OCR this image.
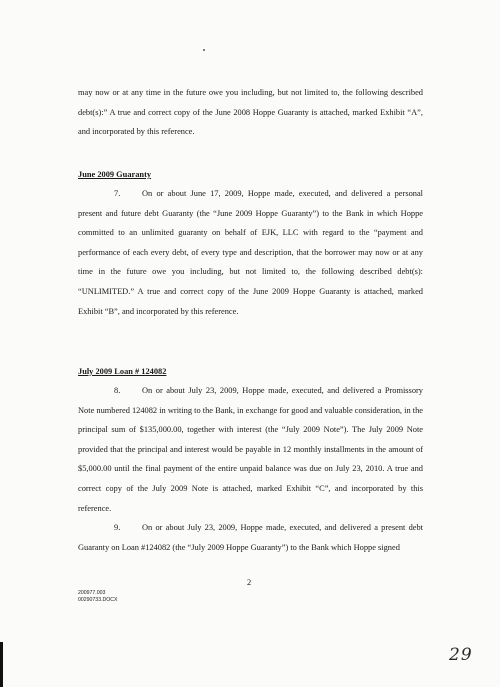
may now or at any time in the future owe you including, but not limited to, the following described debt(s):” A true and correct copy of the June 2008 Hoppe Guaranty is attached, marked Exhibit “A”, and incorporated by this reference.

June 2009 Guaranty

7.	On or about June 17, 2009, Hoppe made, executed, and delivered a personal present and future debt Guaranty (the “June 2009 Hoppe Guaranty”) to the Bank in which Hoppe committed to an unlimited guaranty on behalf of EJK, LLC with regard to the “payment and performance of each every debt, of every type and description, that the borrower may now or at any time in the future owe you including, but not limited to, the following described debt(s): “UNLIMITED.” A true and correct copy of the June 2009 Hoppe Guaranty is attached, marked Exhibit “B”, and incorporated by this reference.

July 2009 Loan # 124082

8.	On or about July 23, 2009, Hoppe made, executed, and delivered a Promissory Note numbered 124082 in writing to the Bank, in exchange for good and valuable consideration, in the principal sum of $135,000.00, together with interest (the “July 2009 Note”). The July 2009 Note provided that the principal and interest would be payable in 12 monthly installments in the amount of $5,000.00 until the final payment of the entire unpaid balance was due on July 23, 2010. A true and correct copy of the July 2009 Note is attached, marked Exhibit “C”, and incorporated by this reference.

9.	On or about July 23, 2009, Hoppe made, executed, and delivered a present debt Guaranty on Loan #124082 (the “July 2009 Hoppe Guaranty”) to the Bank which Hoppe signed

2
200977.003
00290733.DOCX
29
